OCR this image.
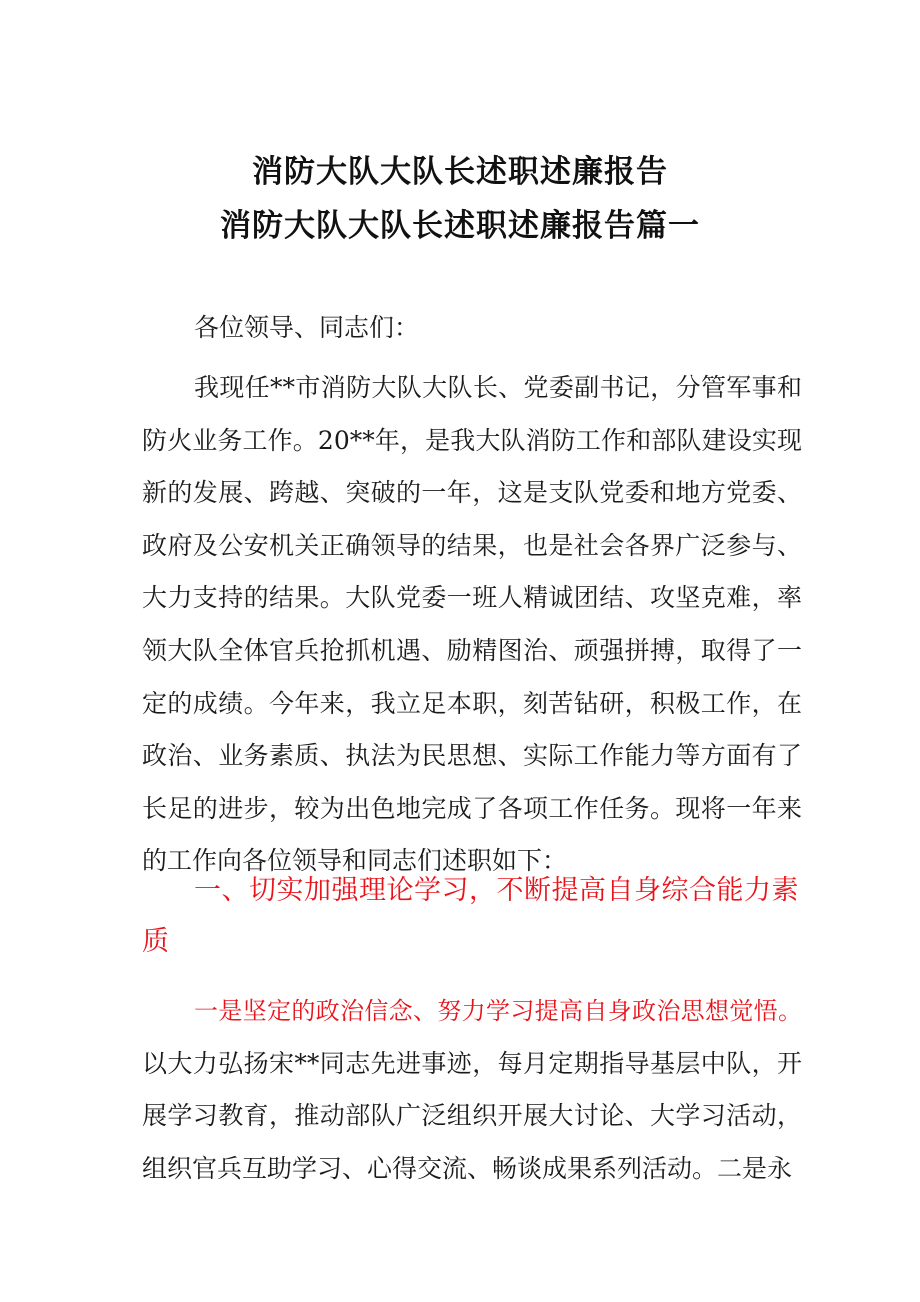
消防大队大队长述职述廉报告
消防大队大队长述职述廉报告篇一
各位领导、同志们：
我现任**市消防大队大队长、党委副书记，分管军事和防火业务工作。20**年，是我大队消防工作和部队建设实现新的发展、跨越、突破的一年，这是支队党委和地方党委、政府及公安机关正确领导的结果，也是社会各界广泛参与、大力支持的结果。大队党委一班人精诚团结、攻坚克难，率领大队全体官兵抢抓机遇、励精图治、顽强拼搏，取得了一定的成绩。今年来，我立足本职，刻苦钻研，积极工作，在政治、业务素质、执法为民思想、实际工作能力等方面有了长足的进步，较为出色地完成了各项工作任务。现将一年来的工作向各位领导和同志们述职如下：
一、切实加强理论学习，不断提高自身综合能力素质
一是坚定的政治信念、努力学习提高自身政治思想觉悟。以大力弘扬宋**同志先进事迹，每月定期指导基层中队，开展学习教育，推动部队广泛组织开展大讨论、大学习活动，组织官兵互助学习、心得交流、畅谈成果系列活动。二是永
